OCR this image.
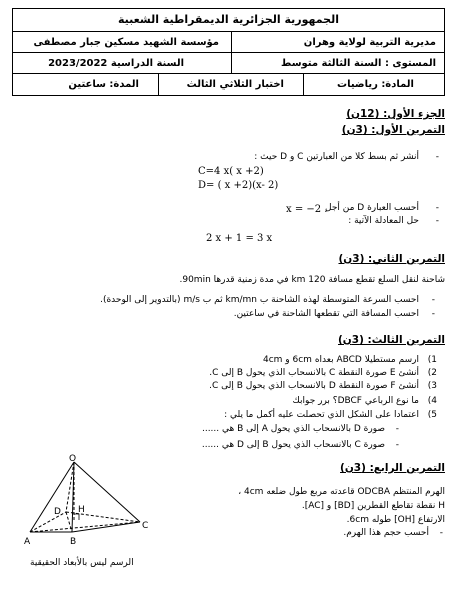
الجمهورية الجزائرية الديمقراطية الشعبية
مديرية التربية لولاية وهران
مؤسسة الشهيد مسكين جبار مصطفى
المستوى : السنة الثالثة متوسط
السنة الدراسية 2023/2022
المادة: رياضيات
اختبار الثلاثي الثالث
المدة: ساعتين
الجزء الأول: (12ن)
التمرين الأول: (3ن)
-
أنشر ثم بسط كلا من العبارتين C و D حيث :
C=4 x( x +2)
D= ( x +2)(x- 2)
-
أحسب العبارة D من أجل
x = −2 .
-
حل المعادلة الآتية :
2 x + 1 = 3 x
التمرين الثاني: (3ن)
شاحنة لنقل السلع تقطع مسافة 120 km في مدة زمنية قدرها 90min.
-
احسب السرعة المتوسطة لهذه الشاحنة ب km/mn ثم ب m/s (بالتدوير إلى الوحدة).
-
احسب المسافة التي تقطعها الشاحنة في ساعتين.
التمرين الثالث: (3ن)
1)
ارسم مستطيلا ABCD بعداه 6cm و 4cm
2)
أنشئ E صورة النقطة C بالانسحاب الذي يحول B إلى C.
3)
أنشئ F صورة النقطة D بالانسحاب الذي يحول B إلى C.
4)
ما نوع الرباعي DBCF؟ برر جوابك
5)
اعتمادا على الشكل الذي تحصلت عليه أكمل ما يلي :
-
صورة D بالانسحاب الذي يحول A إلى B هي ......
-
صورة C بالانسحاب الذي يحول B إلى D هي ......
التمرين الرابع: (3ن)
الهرم المنتظم ODCBA قاعدته مربع طول ضلعه 4cm ،
H نقطة تقاطع القطرين [BD] و [AC].
الارتفاع [OH] طوله 6cm.
-
أحسب حجم هذا الهرم.
O
D H
C
A	B
الرسم ليس بالأبعاد الحقيقية
